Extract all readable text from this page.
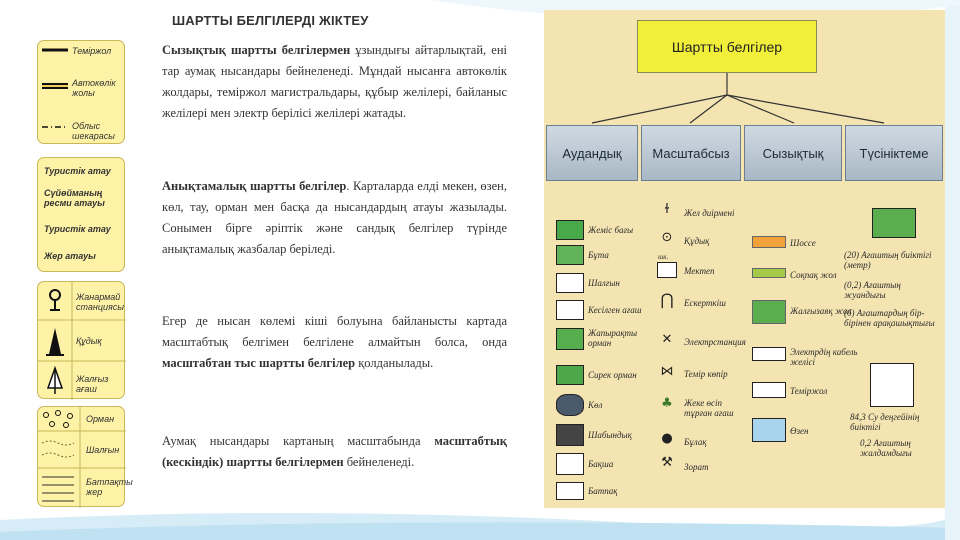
ШАРТТЫ БЕЛГІЛЕРДІ ЖІКТЕУ
Теміржол
Автокөлік жолы
Облыс шекарасы
Туристік атау
Сүйөйманың ресми атауы
Туристік атау
Жер атауы
Жанармай станциясы
Құдық
Жалғыз ағаш
Орман
Шалғын
Батпақты жер
Сызықтық шартты белгілермен ұзындығы айтарлықтай, ені тар аумақ нысандары бейнеленеді. Мұндай нысанға автокөлік жолдары, теміржол магистральдары, құбыр желілері, байланыс желілері мен электр берілісі желілері жатады.
Анықтамалық шартты белгілер. Карталарда елді мекен, өзен, көл, тау, орман мен басқа да нысандардың атауы жазылады. Сонымен бірге әріптік және сандық белгілер түрінде анықтамалық жазбалар беріледі.
Егер де нысан көлемі кіші болуына байланысты картада масштабтық белгімен белгілене алмайтын болса, онда масштабтан тыс шартты белгілер қолданылады.
Аумақ нысандары картаның масштабында масштабтық (кескіндік) шартты белгілермен бейнеленеді.
Шартты белгілер
Аудандық	Масштабсыз	Сызықтық	Түсініктеме
Жеміс бағы
Бұта
Шалғын
Кесілген ағаш
Жапырақты орман
Сирек орман
Көл
Шабындық
Бақша
Батпақ
ɫ	Жел диірмені
⊙	Құдық
шк.
Мектеп
⋂	Ескерткіш
✕	Электрстанция
⋈	Темір көпір
♣	Жеке өсіп тұрған ағаш
●	Бұлақ
⚒	Зорат
Шоссе
Соқпақ жол
Жалғызаяқ жол
Электрдің кабель желісі
Теміржол
Өзен
(20) Ағаштың биіктігі (метр)
(0,2) Ағаштың жуандығы
(б) Ағаштардың бір-бірінен арақашықтығы
84,3 Су деңгейінің биіктігі
0,2 Ағаштың жалдамдығы
